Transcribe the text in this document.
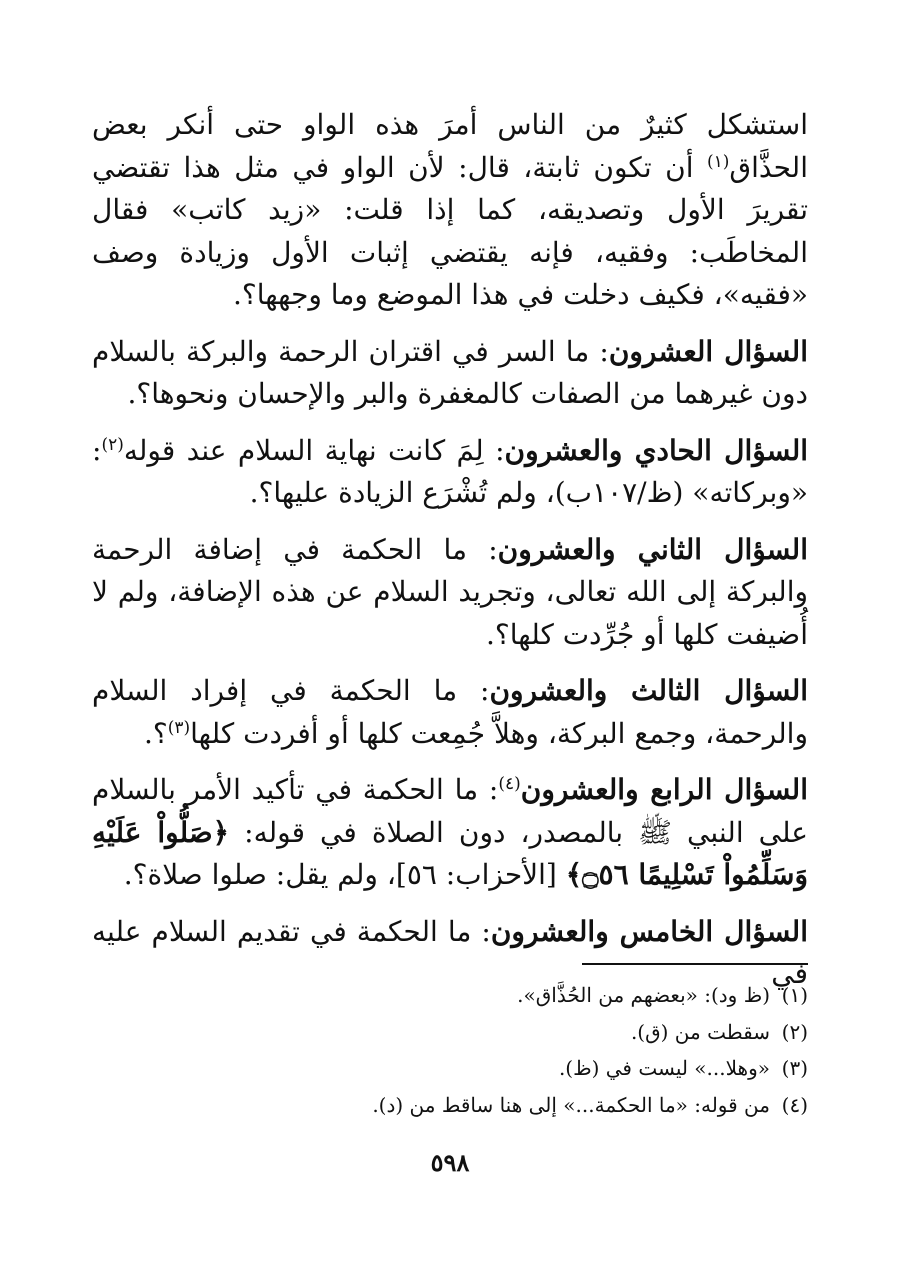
استشكل كثيرٌ من الناس أمرَ هذه الواو حتى أنكر بعض الحذَّاق$^{(١)}$ أن تكون ثابتة، قال: لأن الواو في مثل هذا تقتضي تقريرَ الأول وتصديقه، كما إذا قلت: «زيد كاتب» فقال المخاطَب: وفقيه، فإنه يقتضي إثبات الأول وزيادة وصف «فقيه»، فكيف دخلت في هذا الموضع وما وجهها؟.

السؤال العشرون: ما السر في اقتران الرحمة والبركة بالسلام دون غيرهما من الصفات كالمغفرة والبر والإحسان ونحوها؟.

السؤال الحادي والعشرون: لِمَ كانت نهاية السلام عند قوله$^{(٢)}$: «وبركاته» (ظ/١٠٧ب)، ولم تُشْرَع الزيادة عليها؟.

السؤال الثاني والعشرون: ما الحكمة في إضافة الرحمة والبركة إلى الله تعالى، وتجريد السلام عن هذه الإضافة، ولم لا أُضيفت كلها أو جُرِّدت كلها؟.

السؤال الثالث والعشرون: ما الحكمة في إفراد السلام والرحمة، وجمع البركة، وهلاَّ جُمِعت كلها أو أفردت كلها$^{(٣)}$؟.

السؤال الرابع والعشرون$^{(٤)}$: ما الحكمة في تأكيد الأمر بالسلام على النبي ﷺ بالمصدر، دون الصلاة في قوله: ﴿صَلُّواْ عَلَيْهِ وَسَلِّمُواْ تَسْلِيمًا ۝٥٦﴾ [الأحزاب: ٥٦]، ولم يقل: صلوا صلاة؟.

السؤال الخامس والعشرون: ما الحكمة في تقديم السلام عليه في

(١)(ظ ود): «بعضهم من الحُذَّاق».
(٢)سقطت من (ق).
(٣)«وهلا...» ليست في (ظ).
(٤)من قوله: «ما الحكمة...» إلى هنا ساقط من (د).
٥٩٨
